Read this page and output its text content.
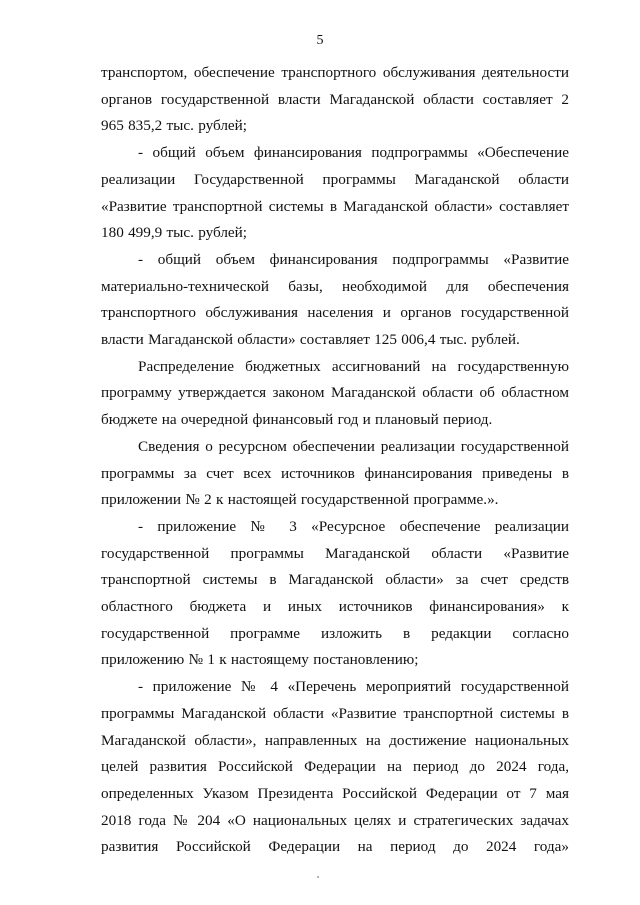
5

транспортом, обеспечение транспортного обслуживания деятельности органов государственной власти Магаданской области составляет 2 965 835,2 тыс. рублей;

- общий объем финансирования подпрограммы «Обеспечение реализации Государственной программы Магаданской области «Развитие транспортной системы в Магаданской области» составляет 180 499,9 тыс. рублей;

- общий объем финансирования подпрограммы «Развитие материально-технической базы, необходимой для обеспечения транспортного обслуживания населения и органов государственной власти Магаданской области» составляет 125 006,4 тыс. рублей.

Распределение бюджетных ассигнований на государственную программу утверждается законом Магаданской области об областном бюджете на очередной финансовый год и плановый период.

Сведения о ресурсном обеспечении реализации государственной программы за счет всех источников финансирования приведены в приложении № 2 к настоящей государственной программе.».

- приложение № 3 «Ресурсное обеспечение реализации государственной программы Магаданской области «Развитие транспортной системы в Магаданской области» за счет средств областного бюджета и иных источников финансирования» к государственной программе изложить в редакции согласно приложению № 1 к настоящему постановлению;

- приложение № 4 «Перечень мероприятий государственной программы Магаданской области «Развитие транспортной системы в Магаданской области», направленных на достижение национальных целей развития Российской Федерации на период до 2024 года, определенных Указом Президента Российской Федерации от 7 мая 2018 года № 204 «О национальных целях и стратегических задачах развития Российской Федерации на период до 2024 года»
